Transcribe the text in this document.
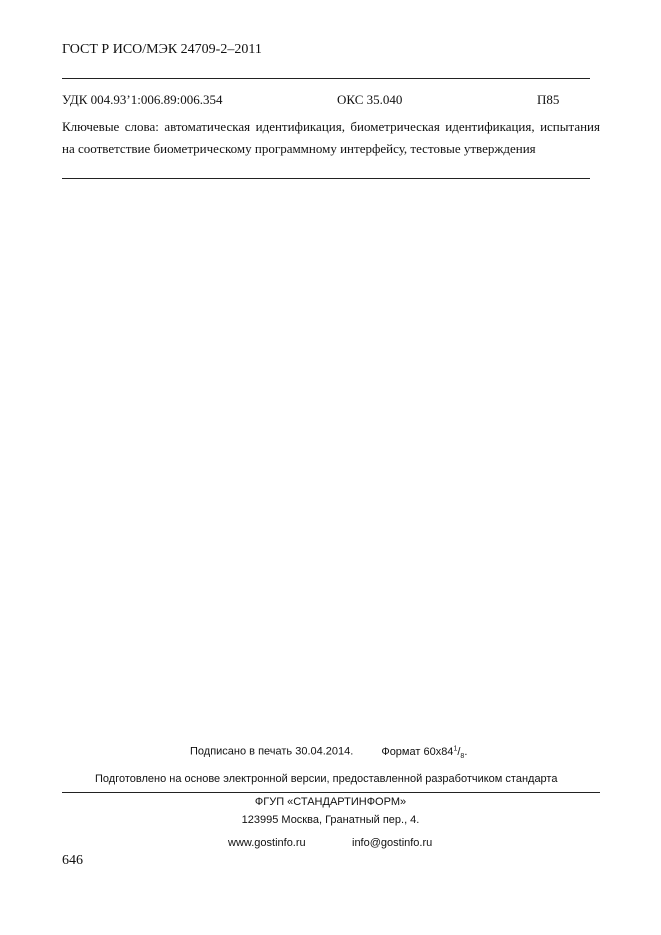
ГОСТ Р ИСО/МЭК 24709-2–2011
УДК 004.93’1:006.89:006.354	ОКС 35.040	П85
Ключевые слова: автоматическая идентификация, биометрическая идентификация, испытания на соответствие биометрическому программному интерфейсу, тестовые утверждения
Подписано в печать 30.04.2014.	Формат $60х84^1/_8$.
Подготовлено на основе электронной версии, предоставленной разработчиком стандарта
ФГУП «СТАНДАРТИНФОРМ»
123995 Москва, Гранатный пер., 4.
www.gostinfo.ru	info@gostinfo.ru
646
